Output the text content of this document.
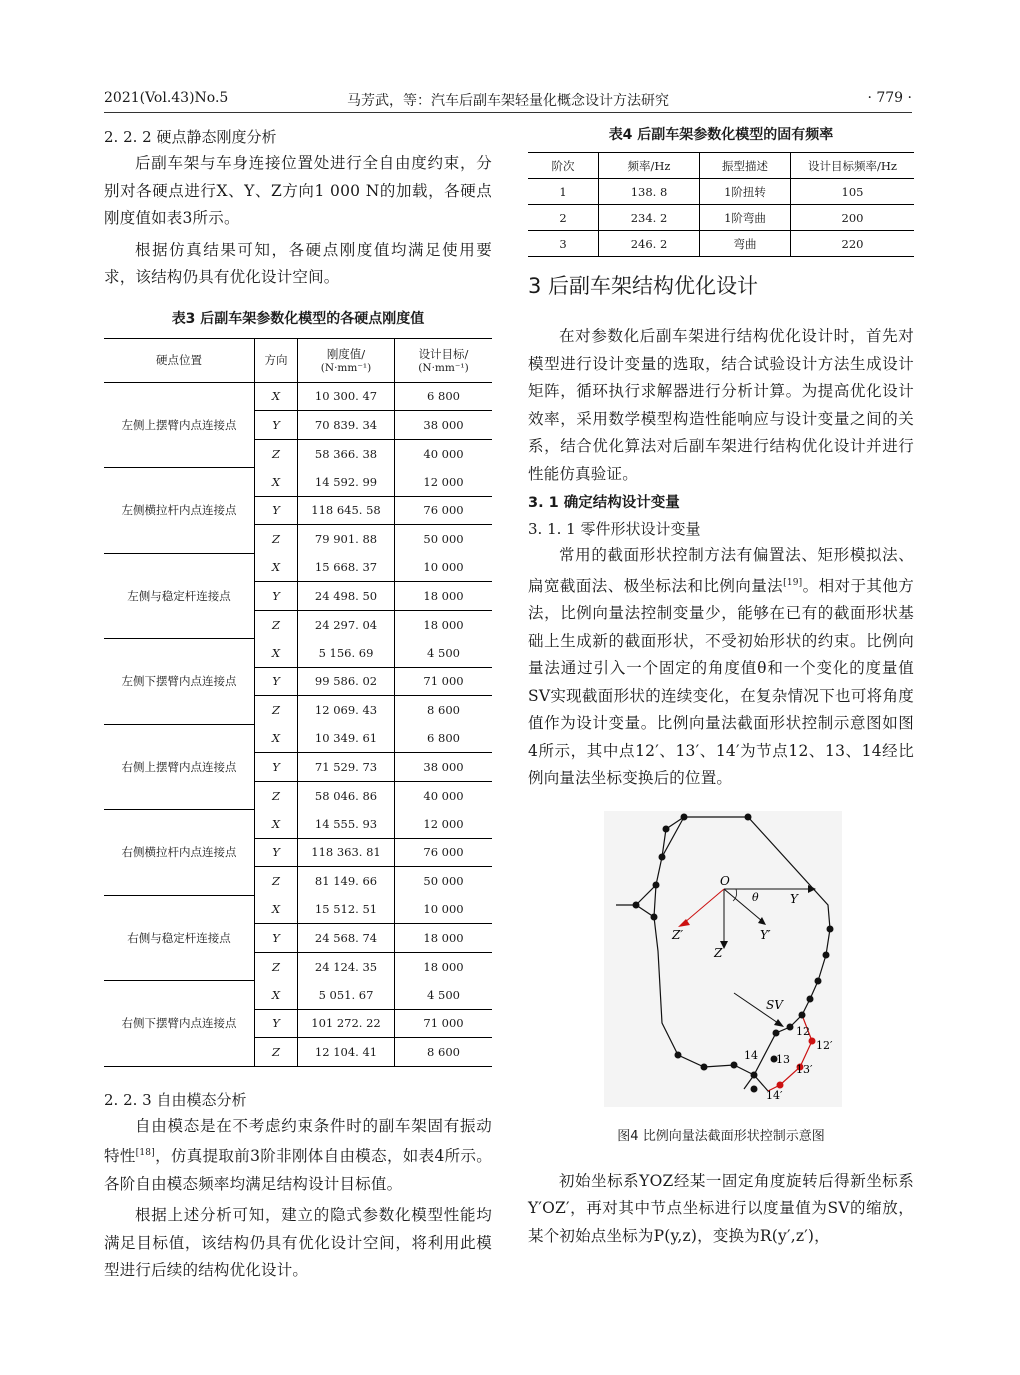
2021(Vol.43)No.5	马芳武，等：汽车后副车架轻量化概念设计方法研究	· 779 ·

2. 2. 2 硬点静态刚度分析

后副车架与车身连接位置处进行全自由度约束，分别对各硬点进行X、Y、Z方向1 000 N的加载，各硬点刚度值如表3所示。

根据仿真结果可知，各硬点刚度值均满足使用要求，该结构仍具有优化设计空间。

表3 后副车架参数化模型的各硬点刚度值

硬点位置	方向	刚度值/
(N·mm⁻¹)	设计目标/
(N·mm⁻¹)

左侧上摆臂内点连接点	X	10 300. 47	6 800
	Y	70 839. 34	38 000
	Z	58 366. 38	40 000
左侧横拉杆内点连接点	X	14 592. 99	12 000
	Y	118 645. 58	76 000
	Z	79 901. 88	50 000
左侧与稳定杆连接点	X	15 668. 37	10 000
	Y	24 498. 50	18 000
	Z	24 297. 04	18 000
左侧下摆臂内点连接点	X	5 156. 69	4 500
	Y	99 586. 02	71 000
	Z	12 069. 43	8 600
右侧上摆臂内点连接点	X	10 349. 61	6 800
	Y	71 529. 73	38 000
	Z	58 046. 86	40 000
右侧横拉杆内点连接点	X	14 555. 93	12 000
	Y	118 363. 81	76 000
	Z	81 149. 66	50 000
右侧与稳定杆连接点	X	15 512. 51	10 000
	Y	24 568. 74	18 000
	Z	24 124. 35	18 000
右侧下摆臂内点连接点	X	5 051. 67	4 500
	Y	101 272. 22	71 000
	Z	12 104. 41	8 600

2. 2. 3 自由模态分析

自由模态是在不考虑约束条件时的副车架固有振动特性[18]，仿真提取前3阶非刚体自由模态，如表4所示。各阶自由模态频率均满足结构设计目标值。

根据上述分析可知，建立的隐式参数化模型性能均满足目标值，该结构仍具有优化设计空间，将利用此模型进行后续的结构优化设计。

表4 后副车架参数化模型的固有频率

阶次	频率/Hz	振型描述	设计目标频率/Hz
1	138. 8	1阶扭转	105
2	234. 2	1阶弯曲	200
3	246. 2	弯曲	220

3 后副车架结构优化设计

在对参数化后副车架进行结构优化设计时，首先对模型进行设计变量的选取，结合试验设计方法生成设计矩阵，循环执行求解器进行分析计算。为提高优化设计效率，采用数学模型构造性能响应与设计变量之间的关系，结合优化算法对后副车架进行结构优化设计并进行性能仿真验证。

3. 1 确定结构设计变量

3. 1. 1 零件形状设计变量

常用的截面形状控制方法有偏置法、矩形模拟法、扁宽截面法、极坐标法和比例向量法[19]。相对于其他方法，比例向量法控制变量少，能够在已有的截面形状基础上生成新的截面形状，不受初始形状的约束。比例向量法通过引入一个固定的角度值θ和一个变化的度量值SV实现截面形状的连续变化，在复杂情况下也可将角度值作为设计变量。比例向量法截面形状控制示意图如图4所示，其中点12′、13′、14′为节点12、13、14经比例向量法坐标变换后的位置。

O
Y
θ
Z′	Y′
Z
SV
12
12′
13
13′
14
14′

图4 比例向量法截面形状控制示意图

初始坐标系YOZ经某一固定角度旋转后得新坐标系Y′OZ′，再对其中节点坐标进行以度量值为SV的缩放，某个初始点坐标为P(y,z)，变换为R(y′,z′)，
